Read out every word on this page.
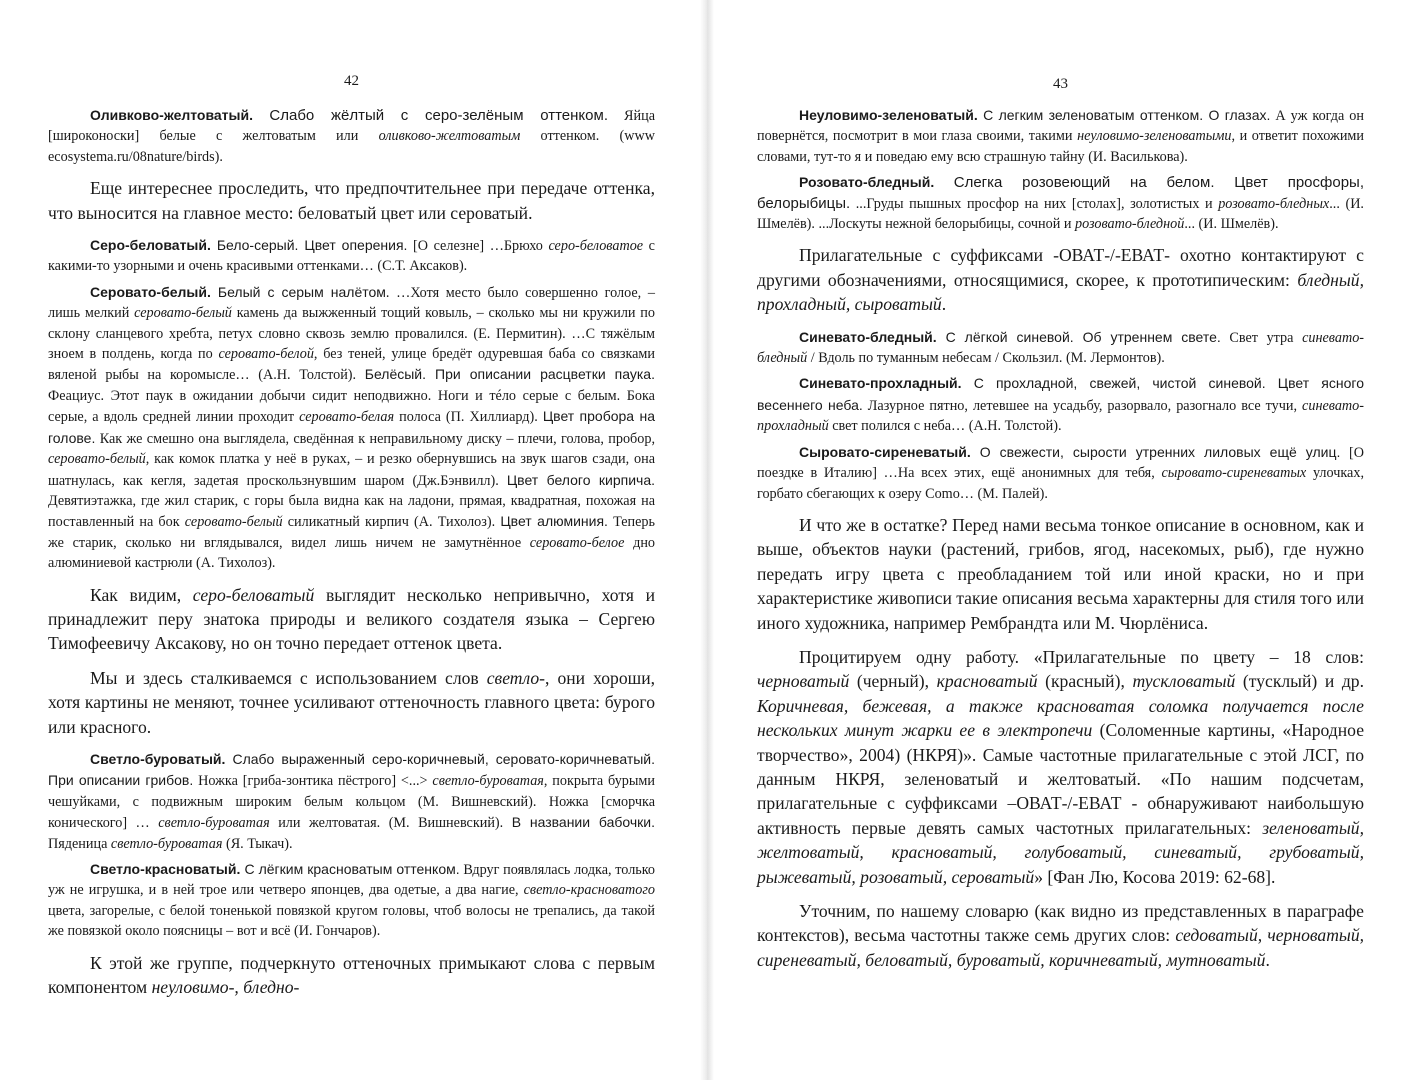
42

Оливково-желтоватый. Слабо жёлтый с серо-зелёным оттенком. Яйца [широконоски] белые с желтоватым или оливково-желтоватым оттенком. (www ecosystema.ru/08nature/birds).

Еще интереснее проследить, что предпочтительнее при передаче оттенка, что выносится на главное место: беловатый цвет или сероватый.

Серо-беловатый. Бело-серый. Цвет оперения. [О селезне] …Брюхо серо-беловатое с какими-то узорными и очень красивыми оттенками… (С.Т. Аксаков).

Серовато-белый. Белый с серым налётом. …Хотя место было совершенно голое, – лишь мелкий серовато-белый камень да выжженный тощий ковыль, – сколько мы ни кружили по склону сланцевого хребта, петух словно сквозь землю провалился. (Е. Пермитин). …С тяжёлым зноем в полдень, когда по серовато-белой, без теней, улице бредёт одуревшая баба со связками вяленой рыбы на коромысле… (А.Н. Толстой). Белёсый. При описании расцветки паука. Феациус. Этот паук в ожидании добычи сидит неподвижно. Ноги и тéло серые с белым. Бока серые, а вдоль средней линии проходит серовато-белая полоса (П. Хиллиард). Цвет пробора на голове. Как же смешно она выглядела, сведённая к неправильному диску – плечи, голова, пробор, серовато-белый, как комок платка у неё в руках, – и резко обернувшись на звук шагов сзади, она шатнулась, как кегля, задетая проскользнувшим шаром (Дж.Бэнвилл). Цвет белого кирпича. Девятиэтажка, где жил старик, с горы была видна как на ладони, прямая, квадратная, похожая на поставленный на бок серовато-белый силикатный кирпич (А. Тихолоз). Цвет алюминия. Теперь же старик, сколько ни вглядывался, видел лишь ничем не замутнённое серовато-белое дно алюминиевой кастрюли (А. Тихолоз).

Как видим, серо-беловатый выглядит несколько непривычно, хотя и принадлежит перу знатока природы и великого создателя языка – Сергею Тимофеевичу Аксакову, но он точно передает оттенок цвета.

Мы и здесь сталкиваемся с использованием слов светло-, они хороши, хотя картины не меняют, точнее усиливают оттеночность главного цвета: бурого или красного.

Светло-буроватый. Слабо выраженный серо-коричневый, серовато-коричневатый. При описании грибов. Ножка [гриба-зонтика пёстрого] <...> светло-буроватая, покрыта бурыми чешуйками, с подвижным широким белым кольцом (М. Вишневский). Ножка [сморчка конического] … светло-буроватая или желтоватая. (М. Вишневский). В названии бабочки. Пяденица светло-буроватая (Я. Тыкач).

Светло-красноватый. С лёгким красноватым оттенком. Вдруг появлялась лодка, только уж не игрушка, и в ней трое или четверо японцев, два одетые, а два нагие, светло-красноватого цвета, загорелые, с белой тоненькой повязкой кругом головы, чтоб волосы не трепались, да такой же повязкой около поясницы – вот и всё (И. Гончаров).

К этой же группе, подчеркнуто оттеночных примыкают слова с первым компонентом неуловимо-, бледно-

43

Неуловимо-зеленоватый. С легким зеленоватым оттенком. О глазах. А уж когда он повернётся, посмотрит в мои глаза своими, такими неуловимо-зеленоватыми, и ответит похожими словами, тут-то я и поведаю ему всю страшную тайну (И. Василькова).

Розовато-бледный. Слегка розовеющий на белом. Цвет просфоры, белорыбицы. ...Груды пышных просфор на них [столах], золотистых и розовато-бледных... (И. Шмелёв). ...Лоскуты нежной белорыбицы, сочной и розовато-бледной... (И. Шмелёв).

Прилагательные с суффиксами -ОВАТ-/-ЕВАТ- охотно контактируют с другими обозначениями, относящимися, скорее, к прототипическим: бледный, прохладный, сыроватый.

Синевато-бледный. С лёгкой синевой. Об утреннем свете. Свет утра синевато-бледный / Вдоль по туманным небесам / Скользил. (М. Лермонтов).

Синевато-прохладный. С прохладной, свежей, чистой синевой. Цвет ясного весеннего неба. Лазурное пятно, летевшее на усадьбу, разорвало, разогнало все тучи, синевато-прохладный свет полился с неба… (А.Н. Толстой).

Сыровато-сиреневатый. О свежести, сырости утренних лиловых ещё улиц. [О поездке в Италию] …На всех этих, ещё анонимных для тебя, сыровато-сиреневатых улочках, горбато сбегающих к озеру Como… (М. Палей).

И что же в остатке? Перед нами весьма тонкое описание в основном, как и выше, объектов науки (растений, грибов, ягод, насекомых, рыб), где нужно передать игру цвета с преобладанием той или иной краски, но и при характеристике живописи такие описания весьма характерны для стиля того или иного художника, например Рембрандта или М. Чюрлёниса.

Процитируем одну работу. «Прилагательные по цвету – 18 слов: черноватый (черный), красноватый (красный), тускловатый (тусклый) и др. Коричневая, бежевая, а также красноватая соломка получается после нескольких минут жарки ее в электропечи (Соломенные картины, «Народное творчество», 2004) (НКРЯ)». Самые частотные прилагательные с этой ЛСГ, по данным НКРЯ, зеленоватый и желтоватый. «По нашим подсчетам, прилагательные с суффиксами –ОВАТ-/-ЕВАТ - обнаруживают наибольшую активность первые девять самых частотных прилагательных: зеленоватый, желтоватый, красноватый, голубоватый, синеватый, грубоватый, рыжеватый, розоватый, сероватый» [Фан Лю, Косова 2019: 62-68].

Уточним, по нашему словарю (как видно из представленных в параграфе контекстов), весьма частотны также семь других слов: седоватый, черноватый, сиреневатый, беловатый, буроватый, коричневатый, мутноватый.
